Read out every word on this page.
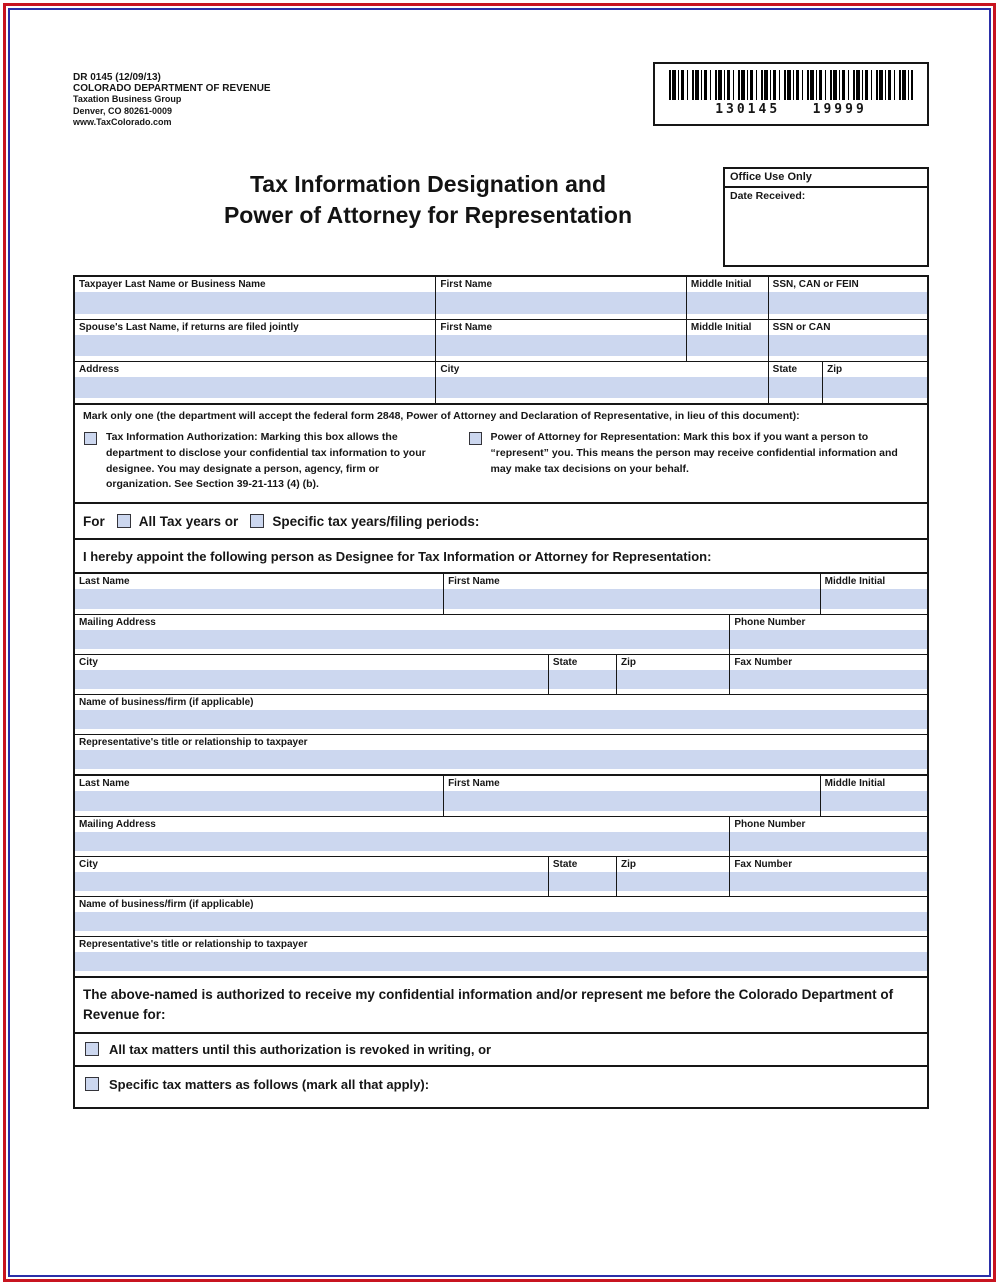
DR 0145 (12/09/13)
COLORADO DEPARTMENT OF REVENUE
Taxation Business Group
Denver, CO 80261-0009
www.TaxColorado.com
130145   19999
Tax Information Designation and
Power of Attorney for Representation
Office Use Only
Date Received:
Taxpayer Last Name or Business Name	First Name	Middle Initial	SSN, CAN or FEIN
Spouse's Last Name, if returns are filed jointly	First Name	Middle Initial	SSN or CAN
Address	City	State	Zip
Mark only one (the department will accept the federal form 2848, Power of Attorney and Declaration of Representative, in lieu of this document):
Tax Information Authorization: Marking this box allows the department to disclose your confidential tax information to your designee. You may designate a person, agency, firm or organization. See Section 39-21-113 (4) (b).
Power of Attorney for Representation: Mark this box if you want a person to “represent” you. This means the person may receive confidential information and may make tax decisions on your behalf.
For	All Tax years or	Specific tax years/filing periods:
I hereby appoint the following person as Designee for Tax Information or Attorney for Representation:
Last Name	First Name	Middle Initial
Mailing Address	Phone Number
City	State	Zip	Fax Number
Name of business/firm (if applicable)
Representative's title or relationship to taxpayer
Last Name	First Name	Middle Initial
Mailing Address	Phone Number
City	State	Zip	Fax Number
Name of business/firm (if applicable)
Representative's title or relationship to taxpayer
The above-named is authorized to receive my confidential information and/or represent me before the Colorado Department of Revenue for:
All tax matters until this authorization is revoked in writing, or
Specific tax matters as follows (mark all that apply):
